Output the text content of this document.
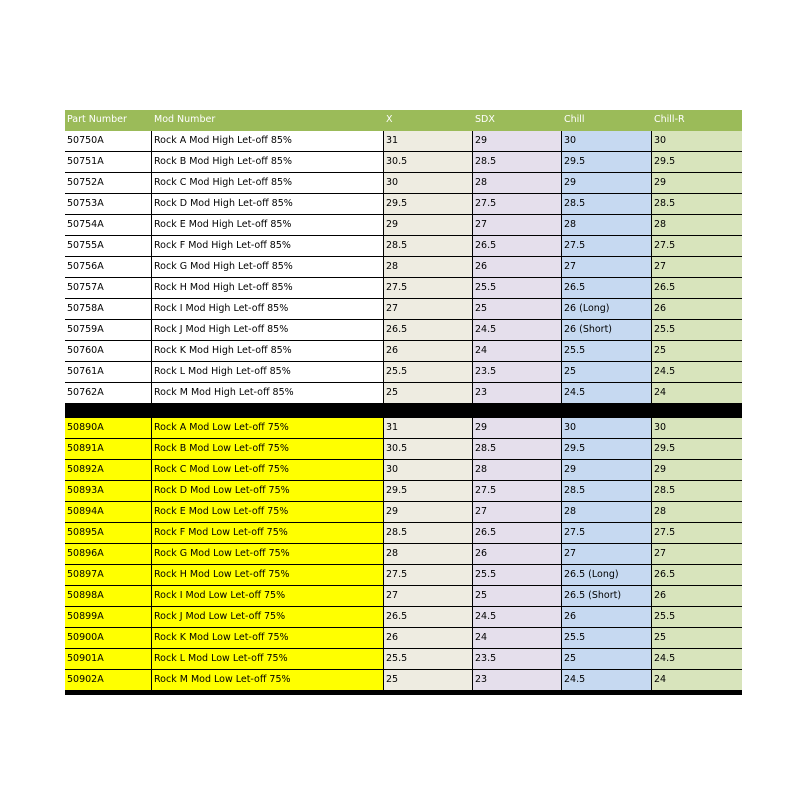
Part Number	Mod Number	X	SDX	Chill	Chill-R
50750A	Rock A Mod High Let-off 85%	31	29	30	30
50751A	Rock B Mod High Let-off 85%	30.5	28.5	29.5	29.5
50752A	Rock C Mod High Let-off 85%	30	28	29	29
50753A	Rock D Mod High Let-off 85%	29.5	27.5	28.5	28.5
50754A	Rock E Mod High Let-off 85%	29	27	28	28
50755A	Rock F Mod High Let-off 85%	28.5	26.5	27.5	27.5
50756A	Rock G Mod High Let-off 85%	28	26	27	27
50757A	Rock H Mod High Let-off 85%	27.5	25.5	26.5	26.5
50758A	Rock I Mod High Let-off 85%	27	25	26 (Long)	26
50759A	Rock J Mod High Let-off 85%	26.5	24.5	26 (Short)	25.5
50760A	Rock K Mod High Let-off 85%	26	24	25.5	25
50761A	Rock L Mod High Let-off 85%	25.5	23.5	25	24.5
50762A	Rock M Mod High Let-off 85%	25	23	24.5	24
50890A	Rock A Mod Low Let-off 75%	31	29	30	30
50891A	Rock B Mod Low Let-off 75%	30.5	28.5	29.5	29.5
50892A	Rock C Mod Low Let-off 75%	30	28	29	29
50893A	Rock D Mod Low Let-off 75%	29.5	27.5	28.5	28.5
50894A	Rock E Mod Low Let-off 75%	29	27	28	28
50895A	Rock F Mod Low Let-off 75%	28.5	26.5	27.5	27.5
50896A	Rock G Mod Low Let-off 75%	28	26	27	27
50897A	Rock H Mod Low Let-off 75%	27.5	25.5	26.5 (Long)	26.5
50898A	Rock I Mod Low Let-off 75%	27	25	26.5 (Short)	26
50899A	Rock J Mod Low Let-off 75%	26.5	24.5	26	25.5
50900A	Rock K Mod Low Let-off 75%	26	24	25.5	25
50901A	Rock L Mod Low Let-off 75%	25.5	23.5	25	24.5
50902A	Rock M Mod Low Let-off 75%	25	23	24.5	24
